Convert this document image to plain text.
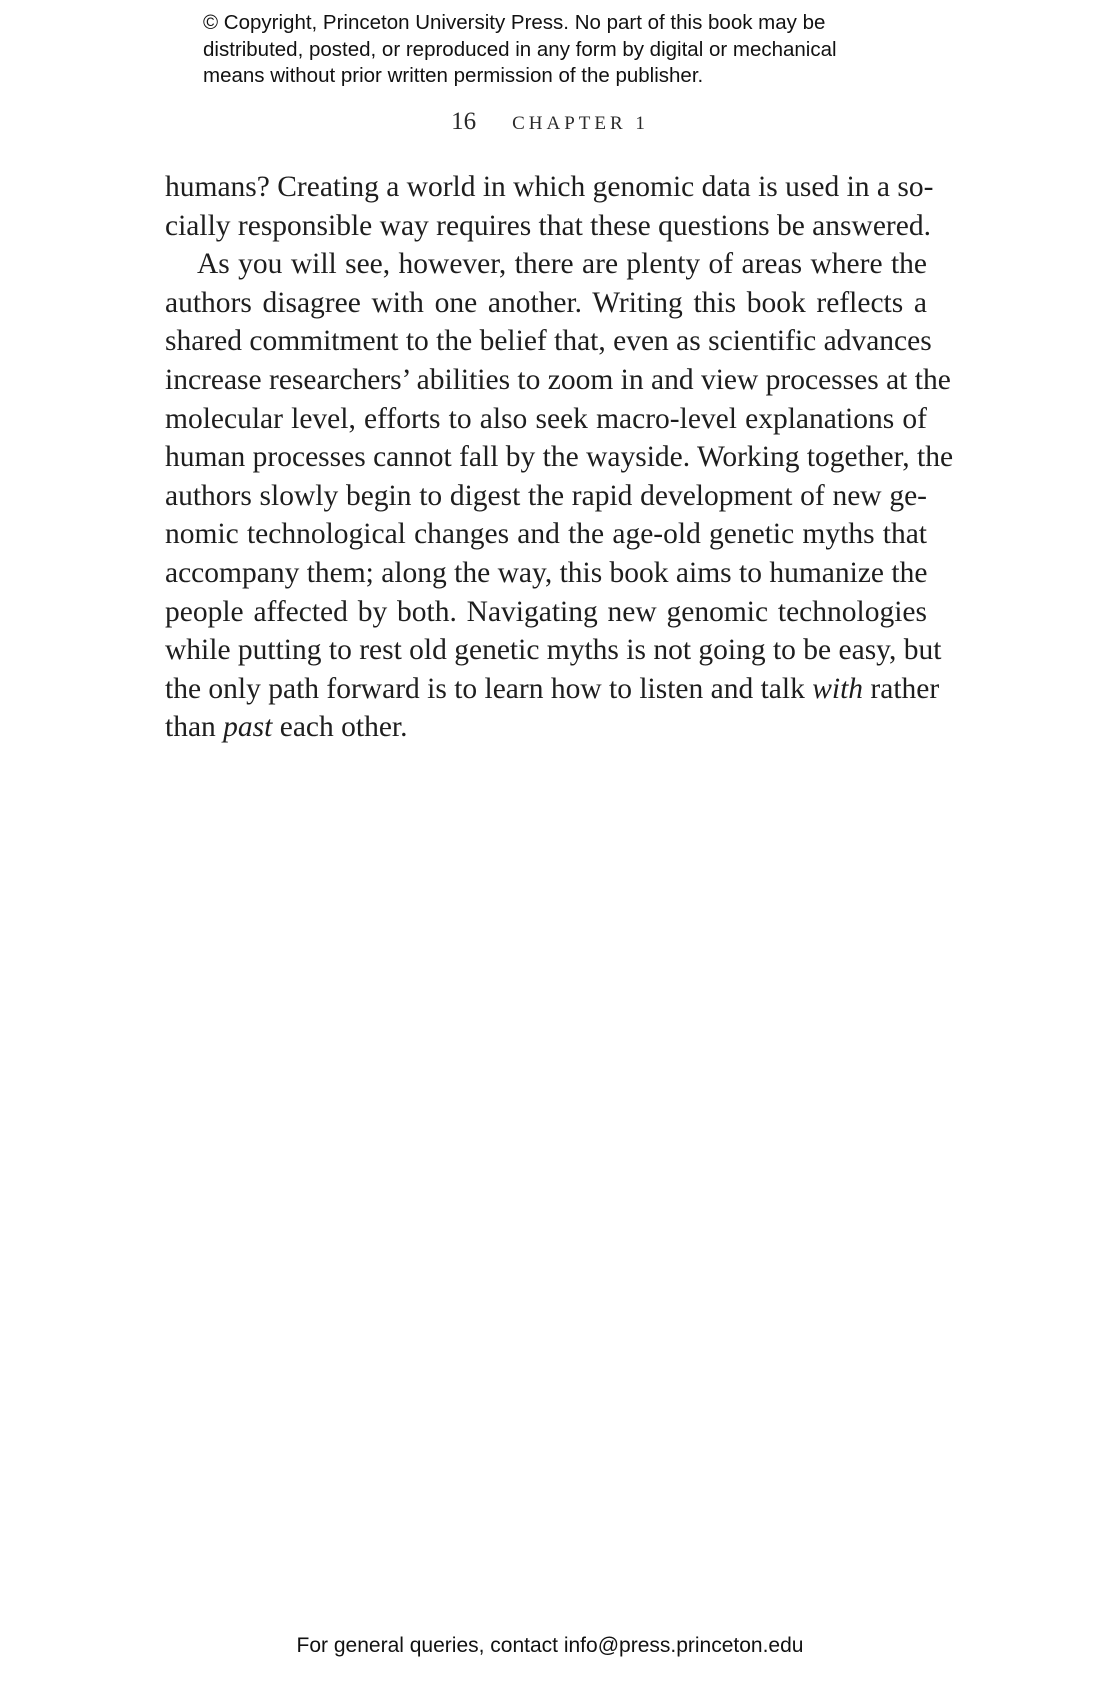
© Copyright, Princeton University Press. No part of this book may be
distributed, posted, or reproduced in any form by digital or mechanical
means without prior written permission of the publisher.
16 CHAPTER 1
humans? Creating a world in which genomic data is used in a so-
cially responsible way requires that these questions be answered.
As you will see, however, there are plenty of areas where the
authors disagree with one another. Writing this book reflects a
shared commitment to the belief that, even as scientific advances
increase researchers’ abilities to zoom in and view processes at the
molecular level, efforts to also seek macro-level explanations of
human processes cannot fall by the wayside. Working together, the
authors slowly begin to digest the rapid development of new ge-
nomic technological changes and the age-old genetic myths that
accompany them; along the way, this book aims to humanize the
people affected by both. Navigating new genomic technologies
while putting to rest old genetic myths is not going to be easy, but
the only path forward is to learn how to listen and talk with rather
than past each other.
For general queries, contact info@press.princeton.edu
